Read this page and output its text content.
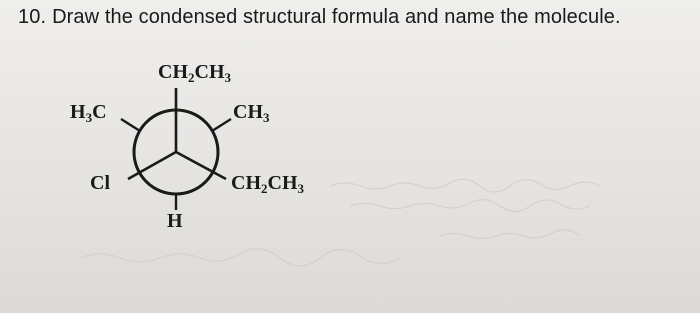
10. Draw the condensed structural formula and name the molecule.
$CH_2CH_3$
$H_3C$	$CH_3$
Cl	$CH_2CH_3$
H
